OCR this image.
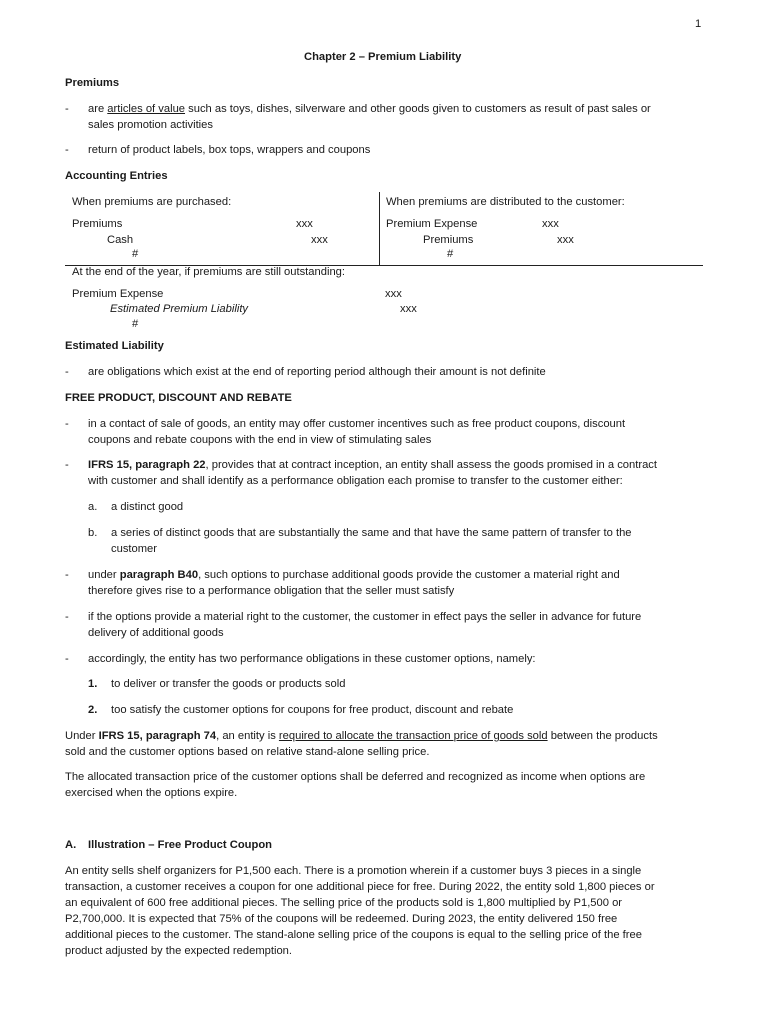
1
Chapter 2 – Premium Liability
Premiums
- are articles of value such as toys, dishes, silverware and other goods given to customers as result of past sales or
sales promotion activities
- return of product labels, box tops, wrappers and coupons
Accounting Entries
When premiums are purchased:
Premiums	xxx
Cash	xxx
#
When premiums are distributed to the customer:
Premium Expense	xxx
Premiums	xxx
#
At the end of the year, if premiums are still outstanding:
Premium Expense	xxx
Estimated Premium Liability	xxx
#
Estimated Liability
- are obligations which exist at the end of reporting period although their amount is not definite
FREE PRODUCT, DISCOUNT AND REBATE
- in a contact of sale of goods, an entity may offer customer incentives such as free product coupons, discount
coupons and rebate coupons with the end in view of stimulating sales
- IFRS 15, paragraph 22, provides that at contract inception, an entity shall assess the goods promised in a contract
with customer and shall identify as a performance obligation each promise to transfer to the customer either:
a. a distinct good
b. a series of distinct goods that are substantially the same and that have the same pattern of transfer to the
customer
- under paragraph B40, such options to purchase additional goods provide the customer a material right and
therefore gives rise to a performance obligation that the seller must satisfy
- if the options provide a material right to the customer, the customer in effect pays the seller in advance for future
delivery of additional goods
- accordingly, the entity has two performance obligations in these customer options, namely:
1. to deliver or transfer the goods or products sold
2. too satisfy the customer options for coupons for free product, discount and rebate
Under IFRS 15, paragraph 74, an entity is required to allocate the transaction price of goods sold between the products
sold and the customer options based on relative stand-alone selling price.
The allocated transaction price of the customer options shall be deferred and recognized as income when options are
exercised when the options expire.
A. Illustration – Free Product Coupon
An entity sells shelf organizers for P1,500 each. There is a promotion wherein if a customer buys 3 pieces in a single
transaction, a customer receives a coupon for one additional piece for free. During 2022, the entity sold 1,800 pieces or
an equivalent of 600 free additional pieces. The selling price of the products sold is 1,800 multiplied by P1,500 or
P2,700,000. It is expected that 75% of the coupons will be redeemed. During 2023, the entity delivered 150 free
additional pieces to the customer. The stand-alone selling price of the coupons is equal to the selling price of the free
product adjusted by the expected redemption.
